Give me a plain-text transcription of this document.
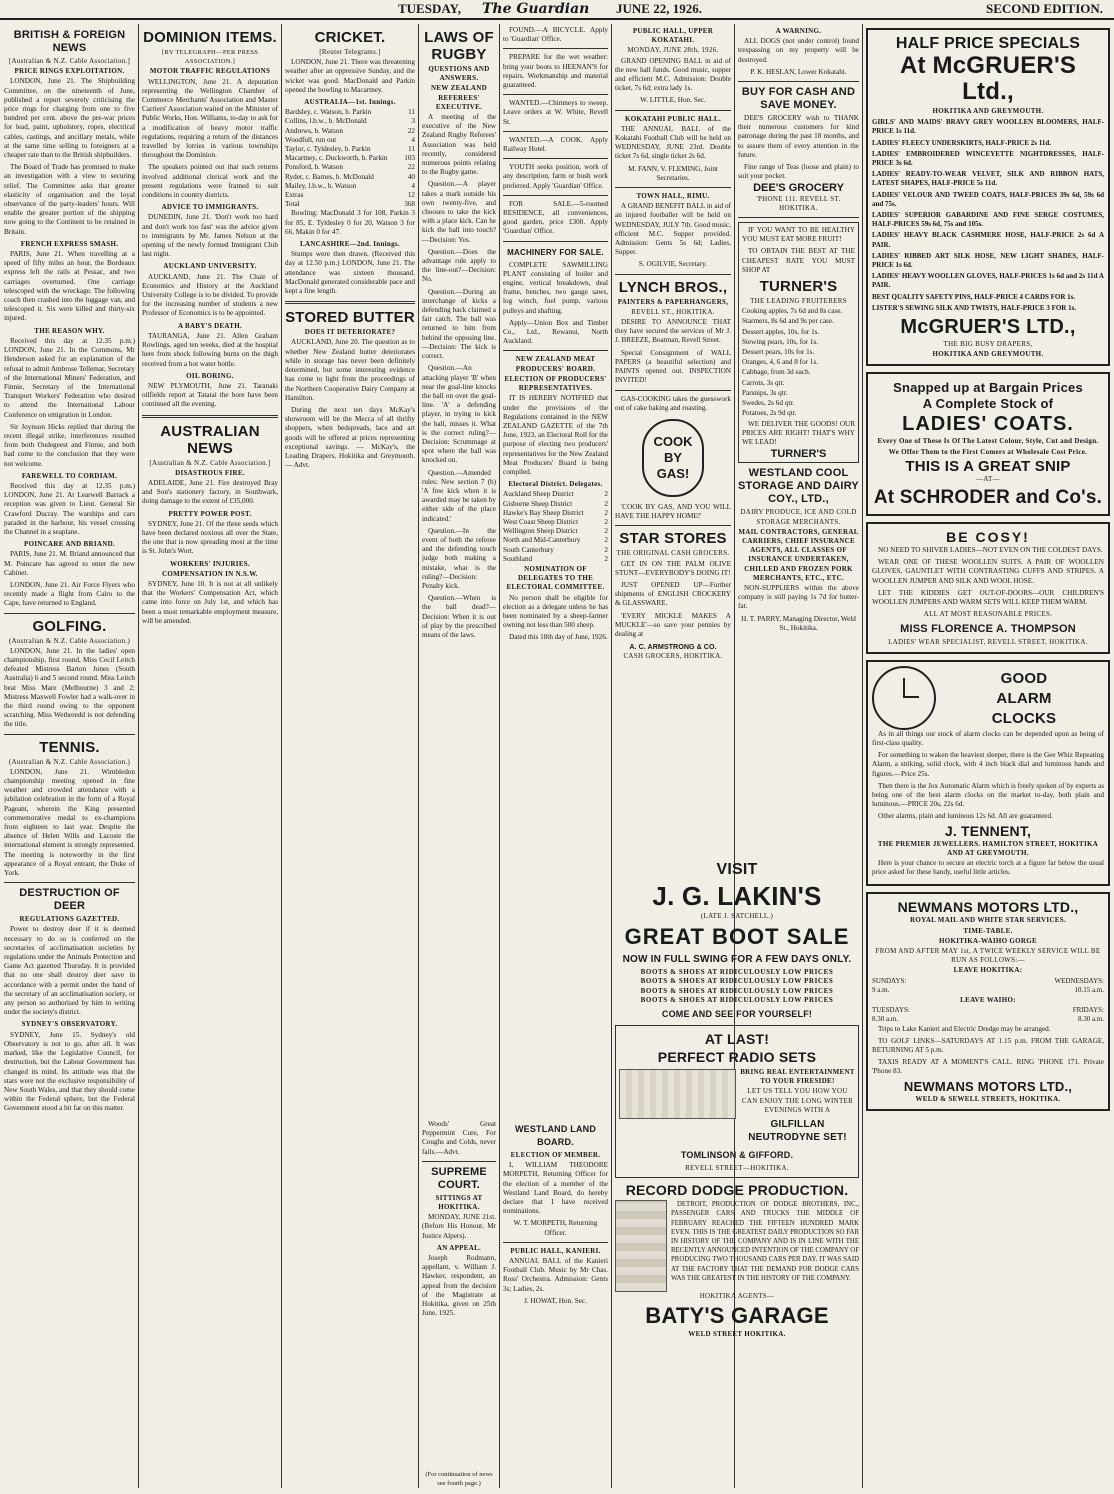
TUESDAY, The Guardian JUNE 22, 1926.	SECOND EDITION.
BRITISH & FOREIGN NEWS
[Australian & N.Z. Cable Association.]
PRICE RINGS EXPLOITATION.

LONDON, June 21. The Shipbuilding Committee, on the nineteenth of June, published a report severely criticising the price rings for charging from one to five hundred per cent. above the pre-war prices for lead, paint, upholstery, ropes, electrical cables, castings, and ancillary metals, while at the same time selling to foreigners at a cheaper rate than to the British shipbuilders.

The Board of Trade has promised to make an investigation with a view to securing relief. The Committee asks that greater elasticity of organisation and the loyal observance of the party-leaders' hours. Will enable the greater portion of the shipping now going to the Continent to be retained in Britain.

FRENCH EXPRESS SMASH.

PARIS, June 21. When travelling at a speed of fifty miles an hour, the Bordeaux express left the rails at Pessac, and two carriages overturned. One carriage telescoped with the wreckage. The following coach then crashed into the luggage van, and telescoped it. Six were killed and thirty-six injured.

THE REASON WHY.

Received this day at 12.35 p.m.) LONDON, June 21. In the Commons, Mr Henderson asked for an explanation of the refusal to admit Ambrose Tellemar, Secretary of the International Miners' Federation, and Finnie, Secretary of the International Transport Workers' Federation who desired to attend the International Labour Conference on emigration in London.

Sir Joynson Hicks replied that during the recent illegal strike, interferences resulted from both Oudegeest and Finnie, and both had come to the conclusion that they were not welcome.

FAREWELL TO CORDIAM.

Received this day at 12.35 p.m.) LONDON, June 21. At Learwell Barrack a reception was given to Lieut. General Sir Crawford Ducray. The warships and cars paraded in the harbour, his vessel crossing the Channel in a seaplane.

POINCARE AND BRIAND.

PARIS, June 21. M. Briand announced that M. Poincare has agreed to enter the new Cabinet.

LONDON, June 21. Air Force Flyers who recently made a flight from Cairo to the Cape, have returned to England.

GOLFING.
(Australian & N.Z. Cable Association.)

LONDON, June 21. In the ladies' open championship, first round, Miss Cecil Leitch defeated Mistress Barton Jones (South Australia) 6 and 5 second round. Miss Leitch beat Miss Mare (Melbourne) 3 and 2; Mistress Maxwell Fowler had a walk-over in the third round owing to the opponent scratching. Miss Wetheredd is not defending the title.

TENNIS.
(Australian & N.Z. Cable Association.)

LONDON, June 21. Wimbledon championship meeting opened in fine weather and crowded attendance with a jubilation celebration in the form of a Royal Pageant, wherein the King presented commemorative medal to ex-champions from eighteen to last year. Despite the absence of Helen Wills and Lacoste the international element is strongly represented. The meeting is noteworthy in the first appearance of a Royal entrant, the Duke of York.

DESTRUCTION OF DEER
REGULATIONS GAZETTED.

Power to destroy deer if it is deemed necessary to do so is conferred on the secretaries of acclimatisation societies by regulations under the Animals Protection and Game Act gazetted Thursday. It is provided that no one shall destroy deer save in accordance with a permit under the hand of the secretary of an acclimatisation society, or any person so authorised by him in writing under the society's district.

SYDNEY'S OBSERVATORY.

SYDNEY, June 15. Sydney's old Observatory is not to go, after all. It was marked, like the Legislative Council, for destruction, but the Labour Government has changed its mind. Its attitude was that the stars were not the exclusive responsibility of New South Wales, and that they should come within the Federal sphere, but the Federal Government stood a bit far on this matter.

DOMINION ITEMS.
[BY TELEGRAPH—PER PRESS ASSOCIATION.]
MOTOR TRAFFIC REGULATIONS

WELLINGTON, June 21. A deputation representing the Wellington Chamber of Commerce Merchants' Association and Master Carriers' Association waited on the Minister of Public Works, Hon. Williams, to-day to ask for a modification of heavy motor traffic regulations, requiring a return of the distances travelled by lorries in various townships throughout the Dominion.

The speakers pointed out that such returns involved additional clerical work and the present regulations were framed to suit conditions in country districts.

ADVICE TO IMMIGRANTS.

DUNEDIN, June 21. 'Don't work too hard and don't work too fast' was the advice given to immigrants by Mr. James Nelson at the opening of the newly formed Immigrant Club last night.

AUCKLAND UNIVERSITY.

AUCKLAND, June 21. The Chair of Economics and History at the Auckland University College is to be divided. To provide for the increasing number of students a new Professor of Economics is to be appointed.

A BABY'S DEATH.

TAURANGA, June 21. Allen Graham Rowlings, aged ten weeks, died at the hospital here from shock following burns on the thigh received from a hot water bottle.

OIL BORING.

NEW PLYMOUTH, June 21. Taranaki oilfields report at Tatatai the bore have been continued all the evening.

AUSTRALIAN NEWS
[Australian & N.Z. Cable Association.]
DISASTROUS FIRE.

ADELAIDE, June 21. Fire destroyed Bray and Son's stationery factory, in Southwark, doing damage to the extent of £35,000.

PRETTY POWER POST.

SYDNEY, June 21. Of the three seeds which have been declared noxious all over the State, the one that is now spreading most at the time is St. John's Wort.

WORKERS' INJURIES.
COMPENSATION IN N.S.W.

SYDNEY, June 10. It is not at all unlikely that the Workers' Compensation Act, which came into force on July 1st, and which has been a most remarkable employment measure, will be amended.

CRICKET.
[Reuter Telegrams.]

LONDON, June 21. There was threatening weather after an oppressive Sunday, and the wicket was good. MacDonald and Parkin opened the bowling to Macartney.

AUSTRALIA—1st. Innings.
Bardsley, c. Watson, b. Parkin	11
Collins, l.b.w., b. McDonald	3
Andrews, b. Watson	22
Woodfull, run out	4
Taylor, c. Tyldesley, b. Parkin	11
Macartney, c. Duckworth, b. Parkin 103
Ponsford, b. Watson	22
Ryder, c. Barnes, b. McDonald	40
Mailey, l.b.w., b. Watson	4
Extras	12
Total	368

Bowling: MacDonald 3 for 108, Parkin 3 for 85, E. Tyldesley 0 for 20, Watson 3 for 66, Makin 0 for 47.

LANCASHIRE—2nd. Innings.

Stumps were then drawn. (Received this day at 12.50 p.m.) LONDON, June 21. The attendance was sixteen thousand. MacDonald generated considerable pace and kept a fine length.

STORED BUTTER
DOES IT DETERIORATE?

AUCKLAND, June 20. The question as to whether New Zealand butter deteriorates while in storage has never been definitely determined, but some interesting evidence has come to light from the proceedings of the Northern Cooperative Dairy Company at Hamilton.

During the next ten days McKay's showroom will be the Mecca of all thrifty shoppers, when bedspreads, lace and art goods will be offered at prices representing exceptional savings. — McKay's, the Leading Drapers, Hokitika and Greymouth. — Advt.

LAWS OF RUGBY
QUESTIONS AND ANSWERS.
NEW ZEALAND REFEREES' EXECUTIVE.

A meeting of the executive of the New Zealand Rugby Referees' Association was held recently, considered numerous points relating to the Rugby game.

Question.—A player takes a mark outside his own twenty-five, and chooses to take the kick with a place kick. Can he kick the ball into touch?—Decision: Yes.

Question.—Does the advantage rule apply to the line-out?—Decision: No.

Question.—During an interchange of kicks a defending back claimed a fair catch. The ball was returned to him from behind the opposing line.—Decision: The kick is correct.

Question.—An attacking player 'B' when near the goal-line knocks the ball on over the goal-line. 'A' a defending player, in trying to kick the ball, misses it. What is the correct ruling?—Decision: Scrummage at spot where the ball was knocked on.

Question.—Amended rules: New section 7 (b) 'A free kick when it is awarded may be taken by either side of the place indicated.'

Question.—In the event of both the referee and the defending touch judge both making a mistake, what is the ruling?—Decision: Penalty kick.

Question.—When is the ball dead?—Decision: When it is out of play by the prescribed means of the laws.

FOUND.—A BICYCLE. Apply to 'Guardian' Office.

PREPARE for the wet weather: bring your boots to HEENAN'S for repairs. Workmanship and material guaranteed.

WANTED.—Chimneys to sweep. Leave orders at W. White, Revell St.

WANTED.—A COOK. Apply Railway Hotel.

YOUTH seeks position, work of any description, farm or bush work preferred. Apply 'Guardian' Office.

FOR SALE.—5-roomed RESIDENCE, all conveniences, good garden, price £300. Apply 'Guardian' Office.

MACHINERY FOR SALE.

COMPLETE SAWMILLING PLANT consisting of boiler and engine, vertical breakdown, deal frame, benches, two gauge saws, log winch, fuel pump, various pulleys and shafting.

Apply—Union Box and Timber Co., Ltd., Rewanui, North Auckland.

NEW ZEALAND MEAT PRODUCERS' BOARD.
ELECTION OF PRODUCERS' REPRESENTATIVES.

IT IS HEREBY NOTIFIED that under the provisions of the Regulations contained in the NEW ZEALAND GAZETTE of the 7th June, 1923, an Electoral Roll for the purpose of electing two producers' representatives for the New Zealand Meat Producers' Board is being compiled.

Electoral District. Delegates.
Auckland Sheep District	2
Gisborne Sheep District	2
Hawke's Bay Sheep District	2
West Coast Sheep District	2
Wellington Sheep District	2
North and Mid-Canterbury	2
South Canterbury	2
Southland	2
NOMINATION OF DELEGATES TO THE ELECTORAL COMMITTEE.

No person shall be eligible for election as a delegate unless he has been nominated by a sheep-farmer owning not less than 500 sheep.

Dated this 18th day of June, 1926.

Woods' Great Peppermint Cure, For Coughs and Colds, never fails.—Advt.

SUPREME COURT.
SITTINGS AT HOKITIKA.

MONDAY, JUNE 21st. (Before His Honour, Mr Justice Alpers).

AN APPEAL.

Joseph Rodmann, appellant, v. William J. Hawker, respondent, an appeal from the decision of the Magistrate at Hokitika, given on 25th June, 1925.

(For continuation of news see fourth page.)
WESTLAND LAND BOARD.
ELECTION OF MEMBER.

I, WILLIAM THEODORE MORPETH, Returning Officer for the election of a member of the Westland Land Board, do hereby declare that I have received nominations.

W. T. MORPETH, Returning Officer.
PUBLIC HALL, KANIERI.

ANNUAL BALL of the Kanieri Football Club. Music by Mr Chas. Ross' Orchestra. Admission: Gents 3s; Ladies, 2s.

J. HOWAT, Hon. Sec.
PUBLIC HALL, UPPER KOKATAHI.
MONDAY, JUNE 28th, 1926.

GRAND OPENING BALL in aid of the new hall funds. Good music, supper and efficient M.C. Admission: Double ticket, 7s 6d; extra lady 1s.

W. LITTLE, Hon. Sec.
KOKATAHI PUBLIC HALL.

THE ANNUAL BALL of the Kokatahi Football Club will be held on WEDNESDAY, JUNE 23rd. Double ticket 7s 6d, single ticket 2s 6d.

M. FANN, V. FLEMING, Joint Secretaries.
TOWN HALL, RIMU.

A GRAND BENEFIT BALL in aid of an injured footballer will be held on WEDNESDAY, JULY 7th. Good music, efficient M.C. Supper provided. Admission: Gents 5s 6d; Ladies, Supper.

S. OGILVIE, Secretary.
LYNCH BROS.,
PAINTERS & PAPERHANGERS,
REVELL ST., HOKITIKA.

DESIRE TO ANNOUNCE THAT they have secured the services of Mr J. J. BREEZE, Boatman, Revell Street.

Special Consignment of WALL PAPERS (a beautiful selection) and PAINTS opened out. INSPECTION INVITED!

GAS-COOKING takes the guesswork out of cake baking and roasting.

COOK
BY
GAS!

'COOK BY GAS, AND YOU WILL HAVE THE HAPPY HOME!'

STAR STORES
THE ORIGINAL CASH GROCERS.

GET IN ON THE PALM OLIVE STUNT—EVERYBODY'S DOING IT!

JUST OPENED UP—Further shipments of ENGLISH CROCKERY & GLASSWARE.

'EVERY MICKLE MAKES A MUCKLE'—so save your pennies by dealing at

A. C. ARMSTRONG & CO.
CASH GROCERS, HOKITIKA.
A WARNING.

ALL DOGS (not under control) found trespassing on my property will be destroyed.

P. K. HESLAN, Lower Kokatahi.
BUY FOR CASH AND SAVE MONEY.

DEE'S GROCERY wish to THANK their numerous customers for kind patronage during the past 18 months, and to assure them of every attention in the future.

Fine range of Teas (loose and plain) to suit your pocket.

DEE'S GROCERY
'PHONE 111. REVELL ST. HOKITIKA.

IF YOU WANT TO BE HEALTHY YOU MUST EAT MORE FRUIT!

TO OBTAIN THE BEST AT THE CHEAPEST RATE YOU MUST SHOP AT

TURNER'S
THE LEADING FRUITERERS
Cooking apples, 7s 6d and 8s case.
Starmers, 8s 6d and 9s per case.
Dessert apples, 10s, for 1s.
Stewing pears, 10s, for 1s.
Dessert pears, 10s for 1s.
Oranges, 4, 6 and 8 for 1s.
Cabbage, from 3d each.
Carrots, 3s qtr.
Parsnips, 3s qtr.
Swedes, 2s 6d qtr.
Potatoes, 2s 9d qtr.

WE DELIVER THE GOODS! OUR PRICES ARE RIGHT! THAT'S WHY WE LEAD!

TURNER'S
WESTLAND COOL STORAGE AND DAIRY COY., LTD.,
DAIRY PRODUCE, ICE AND COLD STORAGE MERCHANTS.
MAIL CONTRACTORS, GENERAL CARRIERS, CHIEF INSURANCE AGENTS, ALL CLASSES OF INSURANCE UNDERTAKEN, CHILLED AND FROZEN PORK MERCHANTS, ETC., ETC.

NON-SUPPLIERS within the above company is still paying 1s 7d for butter-fat.

H. T. PARRY, Managing Director, Weld St., Hokitika.
VISIT
J. G. LAKIN'S
(LATE J. SATCHELL.)
GREAT BOOT SALE
NOW IN FULL SWING FOR A FEW DAYS ONLY.
BOOTS & SHOES AT RIDICULOUSLY LOW PRICES
BOOTS & SHOES AT RIDICULOUSLY LOW PRICES
BOOTS & SHOES AT RIDICULOUSLY LOW PRICES
BOOTS & SHOES AT RIDICULOUSLY LOW PRICES
COME AND SEE FOR YOURSELF!
AT LAST!
PERFECT RADIO SETS
BRING REAL ENTERTAINMENT TO YOUR FIRESIDE!
LET US TELL YOU HOW YOU CAN ENJOY THE LONG WINTER EVENINGS WITH A
GILFILLAN NEUTRODYNE SET!
TOMLINSON & GIFFORD.
REVELL STREET—HOKITIKA.
RECORD DODGE PRODUCTION.

DETROIT, PRODUCTION OF DODGE BROTHERS, INC., PASSENGER CARS AND TRUCKS THE MIDDLE OF FEBRUARY REACHED THE FIFTEEN HUNDRED MARK EVEN. THIS IS THE GREATEST DAILY PRODUCTION SO FAR IN HISTORY OF THE COMPANY AND IS IN LINE WITH THE RECENTLY ANNOUNCED INTENTION OF THE COMPANY OF PRODUCING TWO THOUSAND CARS PER DAY. IT WAS SAID AT THE FACTORY THAT THE DEMAND FOR DODGE CARS WAS THE GREATEST IN THE HISTORY OF THE COMPANY.

HOKITIKA AGENTS—
BATY'S GARAGE
WELD STREET HOKITIKA.
HALF PRICE SPECIALS
At McGRUER'S Ltd.,
HOKITIKA AND GREYMOUTH.
GIRLS' AND MAIDS' BRAVY GREY WOOLLEN BLOOMERS, HALF-PRICE 1s 11d.
LADIES' FLEECY UNDERSKIRTS, HALF-PRICE 2s 11d.
LADIES' EMBROIDERED WINCEYETTE NIGHTDRESSES, HALF-PRICE 3s 6d.
LADIES' READY-TO-WEAR VELVET, SILK AND RIBBON HATS, LATEST SHAPES, HALF-PRICE 5s 11d.
LADIES' VELOUR AND TWEED COATS, HALF-PRICES 39s 6d, 59s 6d and 75s.
LADIES' SUPERIOR GABARDINE AND FINE SERGE COSTUMES, HALF-PRICES 59s 6d, 75s and 105s.
LADIES' HEAVY BLACK CASHMERE HOSE, HALF-PRICE 2s 6d A PAIR.
LADIES' RIBBED ART SILK HOSE, NEW LIGHT SHADES, HALF-PRICE 1s 6d.
LADIES' HEAVY WOOLLEN GLOVES, HALF-PRICES 1s 6d and 2s 11d A PAIR.
BEST QUALITY SAFETY PINS, HALF-PRICE 4 CARDS FOR 1s.
LISTER'S SEWING SILK AND TWISTS, HALF-PRICE 3 FOR 1s.
McGRUER'S LTD.,
THE BIG BUSY DRAPERS,
HOKITIKA AND GREYMOUTH.
Snapped up at Bargain Prices
A Complete Stock of
LADIES' COATS.
Every One of These Is Of The Latest Colour, Style, Cut and Design.
We Offer Them to the First Comers at Wholesale Cost Price.
THIS IS A GREAT SNIP
—AT—
At SCHRODER and Co's.
BE COSY!

NO NEED TO SHIVER LADIES—NOT EVEN ON THE COLDEST DAYS.

WEAR ONE OF THESE WOOLLEN SUITS. A PAIR OF WOOLLEN GLOVES, GAUNTLET WITH CONTRASTING CUFFS AND STRIPES. A WOOLLEN JUMPER AND SILK AND WOOL HOSE.

LET THE KIDDIES GET OUT-OF-DOORS—OUR CHILDREN'S WOOLLEN JUMPERS AND WARM SETS WILL KEEP THEM WARM.

ALL AT MOST REASONABLE PRICES.
MISS FLORENCE A. THOMPSON
LADIES' WEAR SPECIALIST, REVELL STREET, HOKITIKA.
GOOD
ALARM
CLOCKS

As in all things our stock of alarm clocks can be depended upon as being of first-class quality.

For something to waken the heaviest sleeper, there is the Gee Whiz Repeating Alarm, a striking, solid clock, with 4 inch black dial and luminous hands and figures.—Price 25s.

Then there is the Jox Automatic Alarm which is freely spoken of by experts as being one of the best alarm clocks on the market to-day, both plain and luminous.—PRICE 20s, 22s 6d.

Other alarms, plain and luminous 12s 6d. All are guaranteed.

J. TENNENT,
THE PREMIER JEWELLERS. HAMILTON STREET, HOKITIKA AND AT GREYMOUTH.

Here is your chance to secure an electric torch at a figure far below the usual price asked for these handy, useful little articles.

NEWMANS MOTORS LTD.,
ROYAL MAIL AND WHITE STAR SERVICES.
TIME-TABLE.
HOKITIKA-WAIHO GORGE
FROM AND AFTER MAY 1st, A TWICE WEEKLY SERVICE WILL BE RUN AS FOLLOWS:—
LEAVE HOKITIKA:
SUNDAYS:	WEDNESDAYS:
9 a.m.	10.15 a.m.
LEAVE WAIHO:
TUESDAYS:	FRIDAYS:
8.30 a.m.	8.30 a.m.

Trips to Lake Kanieri and Electric Dredge may be arranged.

TO GOLF LINKS—SATURDAYS AT 1.15 p.m. FROM THE GARAGE, RETURNING AT 5 p.m.

TAXIS READY AT A MOMENT'S CALL. RING 'PHONE 171. Private 'Phone 83.

NEWMANS MOTORS LTD.,
WELD & SEWELL STREETS, HOKITIKA.
